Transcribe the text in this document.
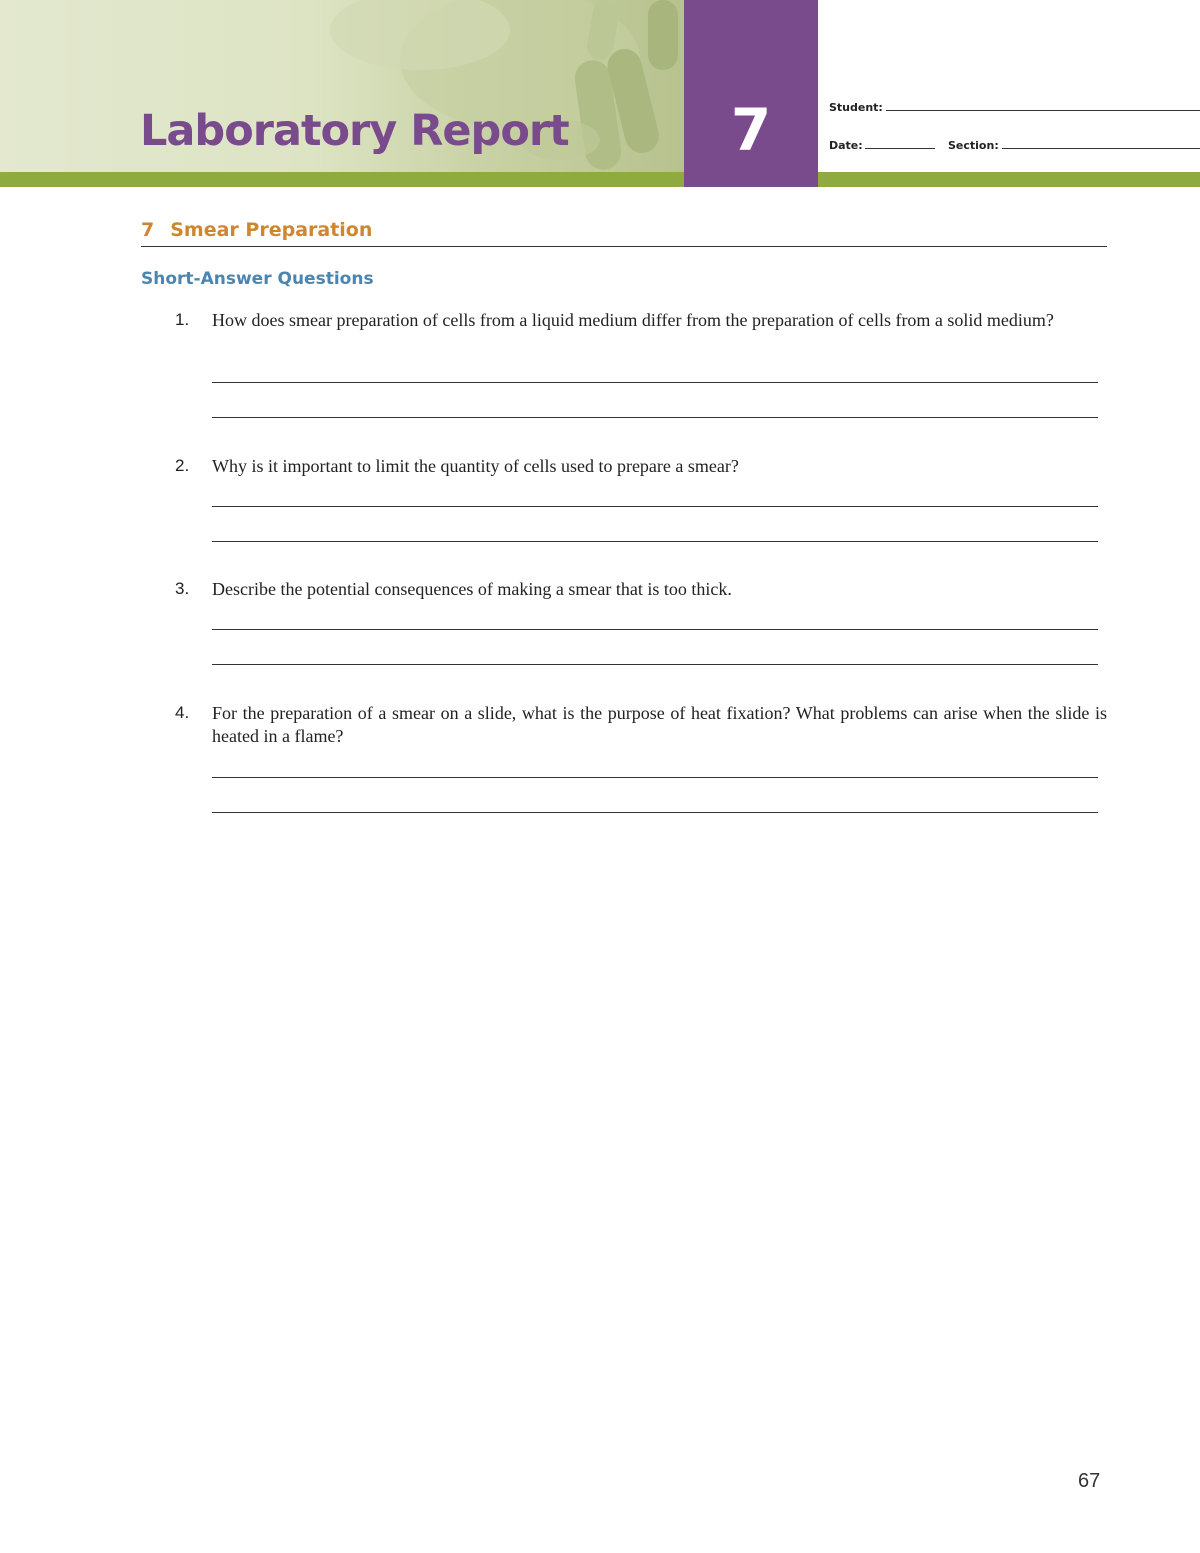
Laboratory Report	7	Student:
Date:	Section:
7 Smear Preparation
Short-Answer Questions
1.	How does smear preparation of cells from a liquid medium differ from the preparation of cells from a solid medium?
2.	Why is it important to limit the quantity of cells used to prepare a smear?
3.	Describe the potential consequences of making a smear that is too thick.
4.	For the preparation of a smear on a slide, what is the purpose of heat fixation? What problems can arise when the slide is heated in a flame?
67
